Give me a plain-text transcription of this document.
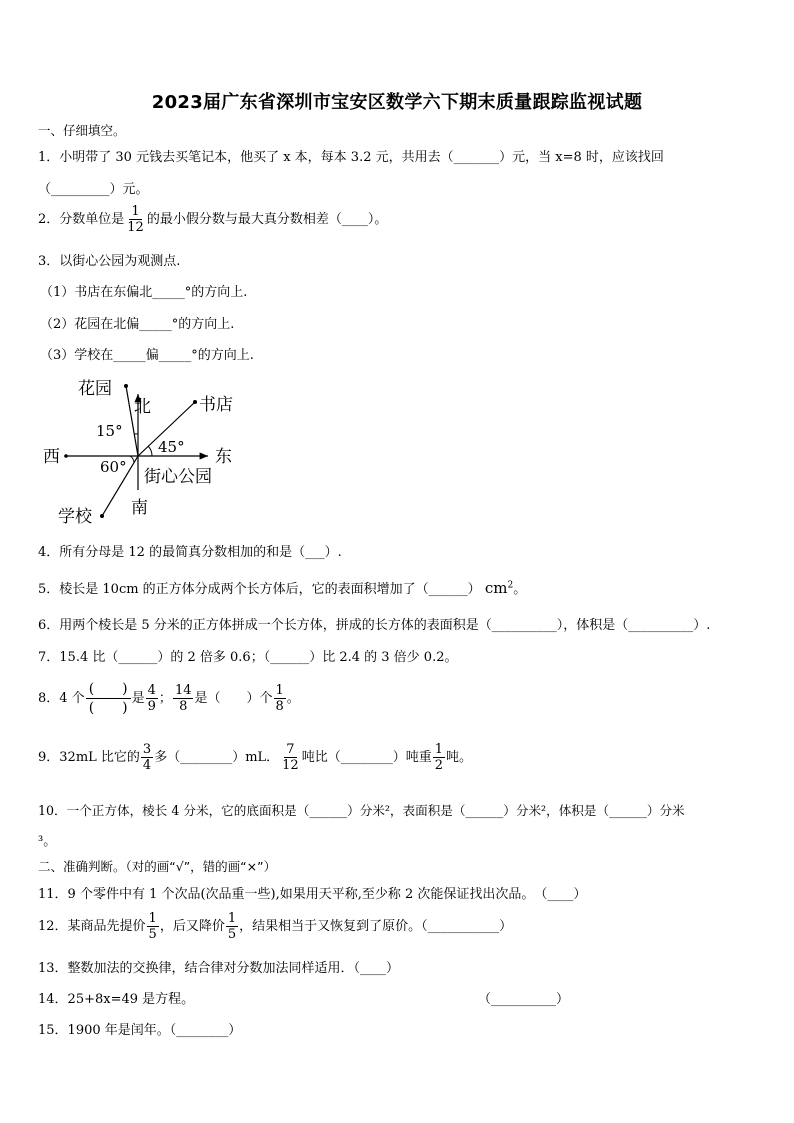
2023届广东省深圳市宝安区数学六下期末质量跟踪监视试题
一、仔细填空。
1．小明带了 30 元钱去买笔记本，他买了 x 本，每本 3.2 元，共用去（_______）元，当 x=8 时，应该找回
（_________）元。
2．分数单位是 $\frac{1}{12}$ 的最小假分数与最大真分数相差（____）。
3．以街心公园为观测点.
（1）书店在东偏北_____°的方向上.
（2）花园在北偏_____°的方向上.
（3）学校在_____偏_____°的方向上.
花园
北	书店
15°
45°
西	东
60° 街心公园
南
学校
4．所有分母是 12 的最简真分数相加的和是（___）.
5．棱长是 10cm 的正方体分成两个长方体后，它的表面积增加了（______） $cm^2$。
6．用两个棱长是 5 分米的正方体拼成一个长方体，拼成的长方体的表面积是（__________），体积是（__________）.
7．15.4 比（______）的 2 倍多 0.6；（______）比 2.4 的 3 倍少 0.2。
8．4 个 $\frac{( )}{( )}$ 是 $\frac{4}{9}$ ； $\frac{14}{8}$ 是（　　）个 $\frac{1}{8}$ 。
9．32mL 比它的 $\frac{3}{4}$ 多（________）mL． $\frac{7}{12}$ 吨比（________）吨重 $\frac{1}{2}$ 吨。
10．一个正方体，棱长 4 分米，它的底面积是（______）分米²，表面积是（______）分米²，体积是（______）分米
³。
二、准确判断。（对的画“√”，错的画“×”）
11．9 个零件中有 1 个次品(次品重一些),如果用天平称,至少称 2 次能保证找出次品。　（____）
12．某商品先提价 $\frac{1}{5}$ ，后又降价 $\frac{1}{5}$ ，结果相当于又恢复到了原价。（___________）
13．整数加法的交换律，结合律对分数加法同样适用．（____）
14．25+8x=49 是方程。	（__________）
15．1900 年是闰年。（________）
